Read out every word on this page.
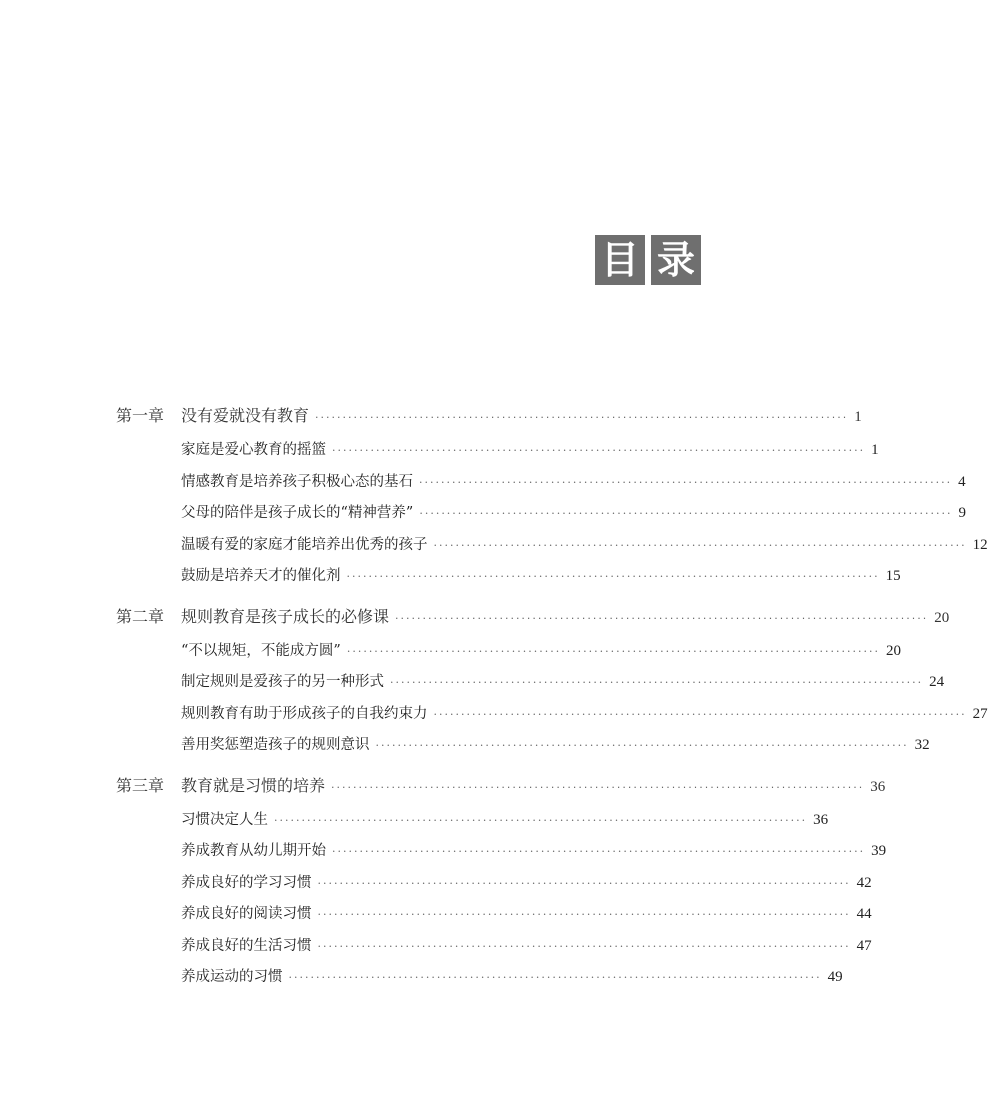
目 录
第一章	没有爱就没有教育 ································································································· 1
家庭是爱心教育的摇篮 ································································································· 1
情感教育是培养孩子积极心态的基石 ································································································· 4
父母的陪伴是孩子成长的“精神营养” ································································································· 9
温暖有爱的家庭才能培养出优秀的孩子 ································································································· 12
鼓励是培养天才的催化剂 ································································································· 15
第二章	规则教育是孩子成长的必修课 ································································································· 20
“不以规矩，不能成方圆” ································································································· 20
制定规则是爱孩子的另一种形式 ································································································· 24
规则教育有助于形成孩子的自我约束力 ································································································· 27
善用奖惩塑造孩子的规则意识 ································································································· 32
第三章	教育就是习惯的培养 ································································································· 36
习惯决定人生 ································································································· 36
养成教育从幼儿期开始 ································································································· 39
养成良好的学习习惯 ································································································· 42
养成良好的阅读习惯 ································································································· 44
养成良好的生活习惯 ································································································· 47
养成运动的习惯 ································································································· 49
